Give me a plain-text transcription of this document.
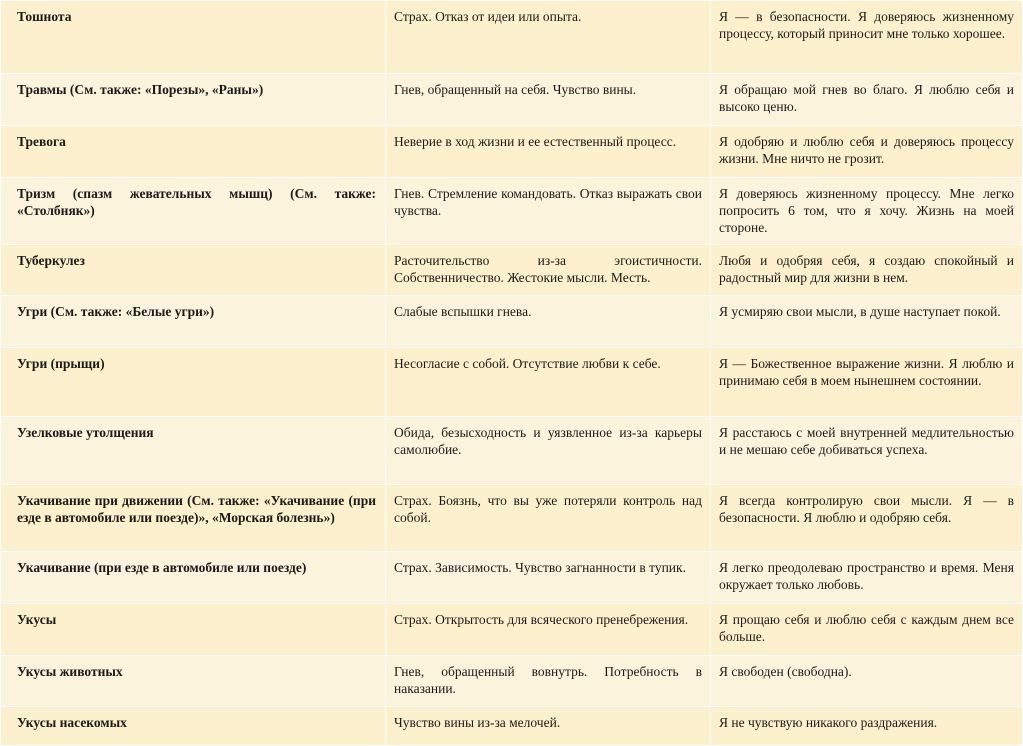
Тошнота	Страх. Отказ от идеи или опыта.	Я — в безопасности. Я доверяюсь жизненному процессу, который приносит мне только хорошее.
Травмы (См. также: «Порезы», «Раны»)	Гнев, обращенный на себя. Чувство вины.	Я обращаю мой гнев во благо. Я люблю себя и высоко ценю.
Тревога	Неверие в ход жизни и ее естественный процесс.	Я одобряю и люблю себя и доверяюсь процессу жизни. Мне ничто не грозит.
Тризм (спазм жевательных мышц) (См. также: «Столбняк»)	Гнев. Стремление командовать. Отказ выражать свои чувства.	Я доверяюсь жизненному процессу. Мне легко попросить 6 том, что я хочу. Жизнь на моей стороне.
Туберкулез	Расточительство из-за эгоистичности. Собственничество. Жестокие мысли. Месть.	Любя и одобряя себя, я создаю спокойный и радостный мир для жизни в нем.
Угри (См. также: «Белые угри»)	Слабые вспышки гнева.	Я усмиряю свои мысли, в душе наступает покой.
Угри (прыщи)	Несогласие с собой. Отсутствие любви к себе.	Я — Божественное выражение жизни. Я люблю и принимаю себя в моем нынешнем состоянии.
Узелковые утолщения	Обида, безысходность и уязвленное из-за карьеры самолюбие.	Я расстаюсь с моей внутренней медлительностью и не мешаю себе добиваться успеха.
Укачивание при движении (См. также: «Укачивание (при езде в автомобиле или поезде)», «Морская болезнь»)	Страх. Боязнь, что вы уже потеряли контроль над собой.	Я всегда контролирую свои мысли. Я — в безопасности. Я люблю и одобряю себя.
Укачивание (при езде в автомобиле или поезде)	Страх. Зависимость. Чувство загнанности в тупик.	Я легко преодолеваю пространство и время. Меня окружает только любовь.
Укусы	Страх. Открытость для всяческого пренебрежения.	Я прощаю себя и люблю себя с каждым днем все больше.
Укусы животных	Гнев, обращенный вовнутрь. Потребность в наказании.	Я свободен (свободна).
Укусы насекомых	Чувство вины из-за мелочей.	Я не чувствую никакого раздражения.
